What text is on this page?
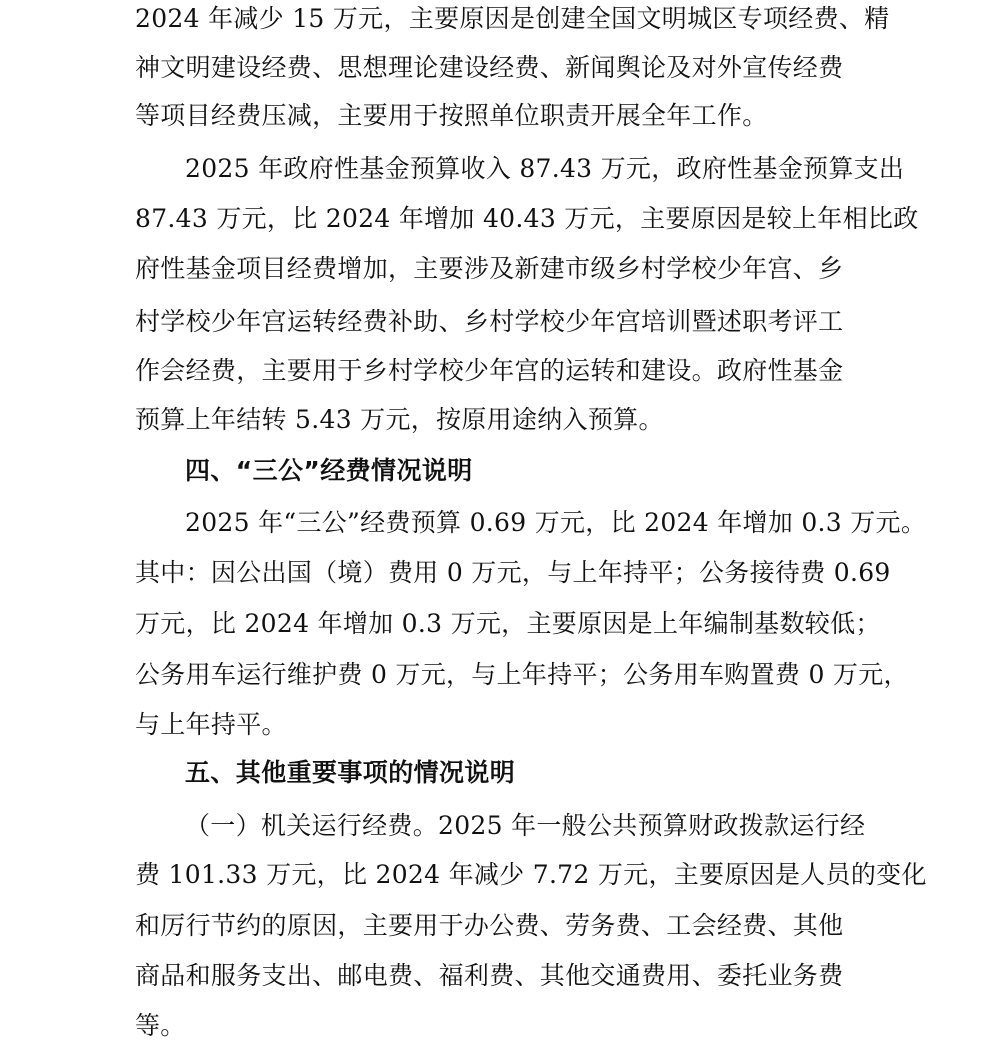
2024 年减少 15 万元，主要原因是创建全国文明城区专项经费、精
神文明建设经费、思想理论建设经费、新闻舆论及对外宣传经费
等项目经费压减，主要用于按照单位职责开展全年工作。
2025 年政府性基金预算收入 87.43 万元，政府性基金预算支出
87.43 万元，比 2024 年增加 40.43 万元，主要原因是较上年相比政
府性基金项目经费增加，主要涉及新建市级乡村学校少年宫、乡
村学校少年宫运转经费补助、乡村学校少年宫培训暨述职考评工
作会经费，主要用于乡村学校少年宫的运转和建设。政府性基金
预算上年结转 5.43 万元，按原用途纳入预算。
四、“三公”经费情况说明
2025 年“三公”经费预算 0.69 万元，比 2024 年增加 0.3 万元。
其中：因公出国（境）费用 0 万元，与上年持平；公务接待费 0.69
万元，比 2024 年增加 0.3 万元，主要原因是上年编制基数较低；
公务用车运行维护费 0 万元，与上年持平；公务用车购置费 0 万元，
与上年持平。
五、其他重要事项的情况说明
（一）机关运行经费。2025 年一般公共预算财政拨款运行经
费 101.33 万元，比 2024 年减少 7.72 万元，主要原因是人员的变化
和厉行节约的原因，主要用于办公费、劳务费、工会经费、其他
商品和服务支出、邮电费、福利费、其他交通费用、委托业务费
等。
